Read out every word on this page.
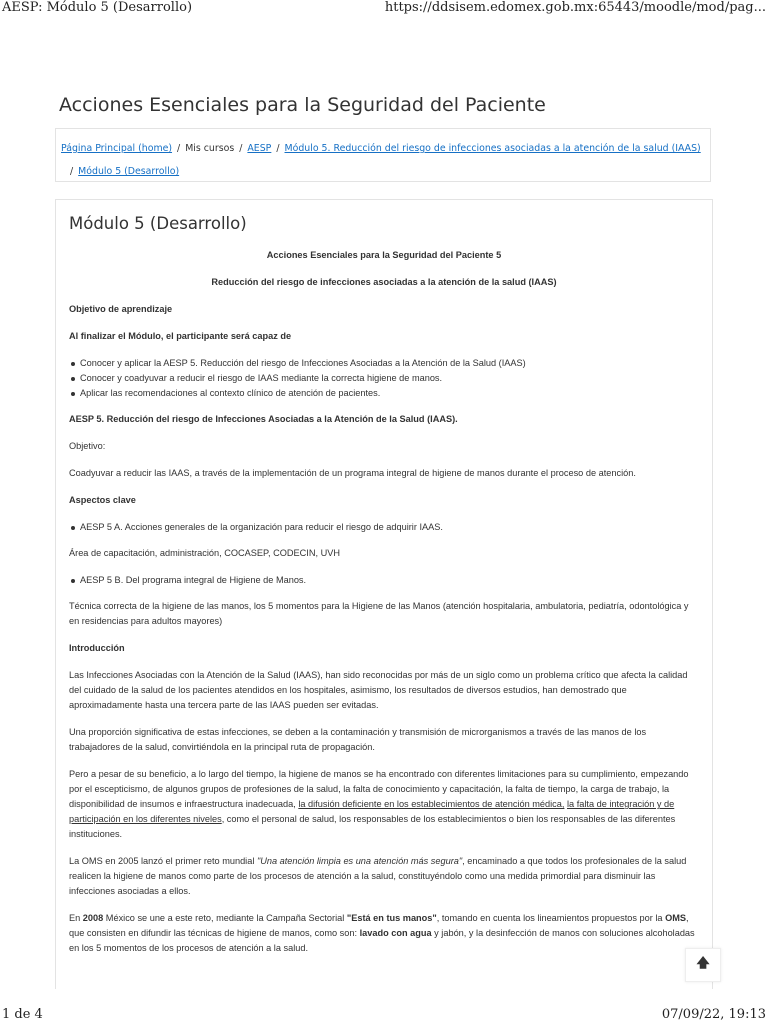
AESP: Módulo 5 (Desarrollo)	https://ddsisem.edomex.gob.mx:65443/moodle/mod/pag...
Acciones Esenciales para la Seguridad del Paciente
Página Principal (home) / Mis cursos / AESP / Módulo 5. Reducción del riesgo de infecciones asociadas a la atención de la salud (IAAS)
/ Módulo 5 (Desarrollo)
Módulo 5 (Desarrollo)

Acciones Esenciales para la Seguridad del Paciente 5

Reducción del riesgo de infecciones asociadas a la atención de la salud (IAAS)

Objetivo de aprendizaje

Al finalizar el Módulo, el participante será capaz de

Conocer y aplicar la AESP 5. Reducción del riesgo de Infecciones Asociadas a la Atención de la Salud (IAAS)
Conocer y coadyuvar a reducir el riesgo de IAAS mediante la correcta higiene de manos.
Aplicar las recomendaciones al contexto clínico de atención de pacientes.

AESP 5. Reducción del riesgo de Infecciones Asociadas a la Atención de la Salud (IAAS).

Objetivo:

Coadyuvar a reducir las IAAS, a través de la implementación de un programa integral de higiene de manos durante el proceso de atención.

Aspectos clave

AESP 5 A. Acciones generales de la organización para reducir el riesgo de adquirir IAAS.

Área de capacitación, administración, COCASEP, CODECIN, UVH

AESP 5 B. Del programa integral de Higiene de Manos.

Técnica correcta de la higiene de las manos, los 5 momentos para la Higiene de las Manos (atención hospitalaria, ambulatoria, pediatría, odontológica y en residencias para adultos mayores)

Introducción

Las Infecciones Asociadas con la Atención de la Salud (IAAS), han sido reconocidas por más de un siglo como un problema crítico que afecta la calidad del cuidado de la salud de los pacientes atendidos en los hospitales, asimismo, los resultados de diversos estudios, han demostrado que aproximadamente hasta una tercera parte de las IAAS pueden ser evitadas.

Una proporción significativa de estas infecciones, se deben a la contaminación y transmisión de microrganismos a través de las manos de los trabajadores de la salud, convirtiéndola en la principal ruta de propagación.

Pero a pesar de su beneficio, a lo largo del tiempo, la higiene de manos se ha encontrado con diferentes limitaciones para su cumplimiento, empezando por el escepticismo, de algunos grupos de profesiones de la salud, la falta de conocimiento y capacitación, la falta de tiempo, la carga de trabajo, la disponibilidad de insumos e infraestructura inadecuada, la difusión deficiente en los establecimientos de atención médica, la falta de integración y de participación en los diferentes niveles, como el personal de salud, los responsables de los establecimientos o bien los responsables de las diferentes instituciones.

La OMS en 2005 lanzó el primer reto mundial "Una atención limpia es una atención más segura", encaminado a que todos los profesionales de la salud realicen la higiene de manos como parte de los procesos de atención a la salud, constituyéndolo como una medida primordial para disminuir las infecciones asociadas a ellos.

En 2008 México se une a este reto, mediante la Campaña Sectorial "Está en tus manos", tomando en cuenta los lineamientos propuestos por la OMS, que consisten en difundir las técnicas de higiene de manos, como son: lavado con agua y jabón, y la desinfección de manos con soluciones alcoholadas en los 5 momentos de los procesos de atención a la salud.

🡅
1 de 4	07/09/22, 19:13
